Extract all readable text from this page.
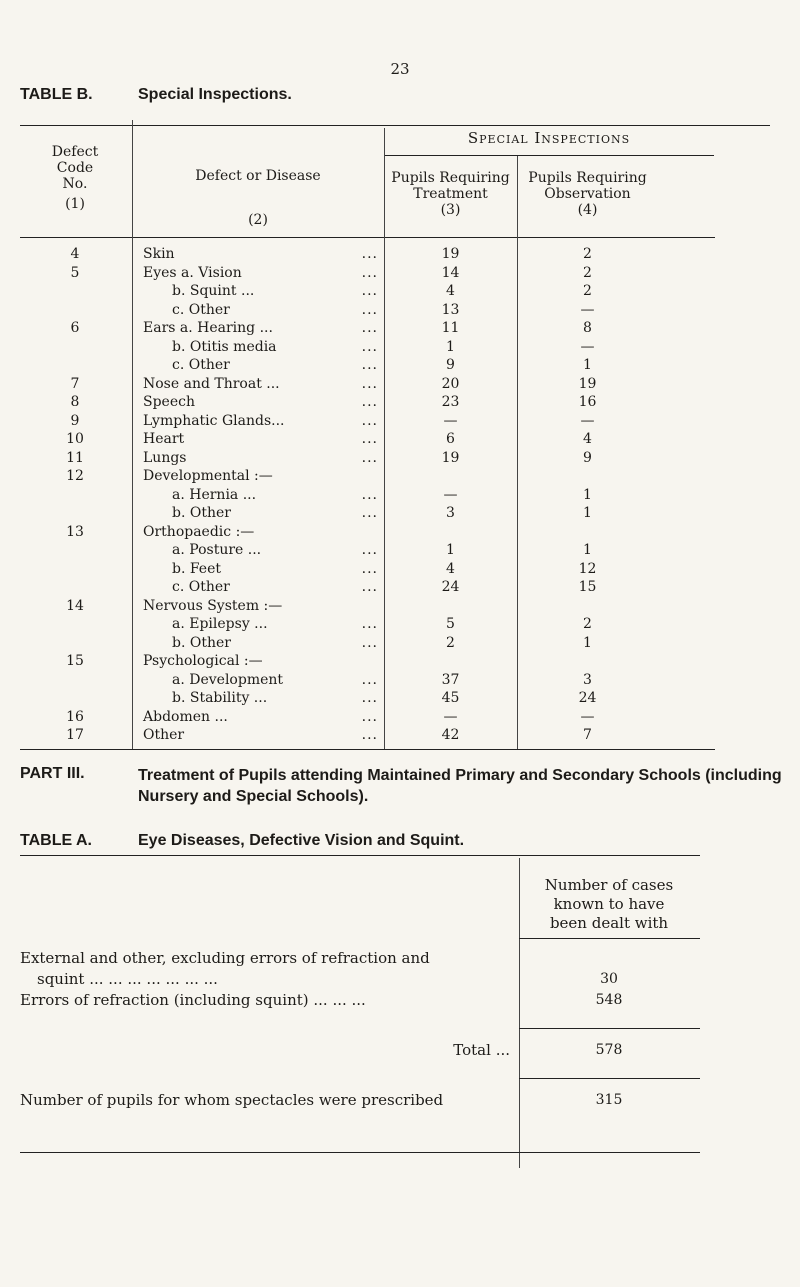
23
TABLE B.	Special Inspections.
Defect
Code
No.
(1)
Defect or Disease
(2)
Special Inspections
Pupils Requiring
Treatment
(3)
Pupils Requiring
Observation
(4)
4	Skin	...	19	2
5	Eyes a. Vision	...	14	2
b. Squint ...	...	4	2
c. Other	...	13	—
6	Ears a. Hearing ...	...	11	8
b. Otitis media	...	1	—
c. Other	...	9	1
7	Nose and Throat ...	...	20	19
8	Speech	...	23	16
9	Lymphatic Glands...	...	—	—
10	Heart	...	6	4
11	Lungs	...	19	9
12	Developmental :—
a. Hernia ...	...	—	1
b. Other	...	3	1
13	Orthopaedic :—
a. Posture ...	...	1	1
b. Feet	...	4	12
c. Other	...	24	15
14	Nervous System :—
a. Epilepsy ...	...	5	2
b. Other	...	2	1
15	Psychological :—
a. Development	...	37	3
b. Stability ...	...	45	24
16	Abdomen ...	...	—	—
17	Other	...	42	7
PART III.	Treatment of Pupils attending Maintained Primary and Secondary Schools (including Nursery and Special Schools).
TABLE A.	Eye Diseases, Defective Vision and Squint.
Number of cases
known to have
been dealt with
External and other, excluding errors of refraction and
squint ... ... ... ... ... ... ...	30
Errors of refraction (including squint) ... ... ...	548
Total ...	578
Number of pupils for whom spectacles were prescribed	315
